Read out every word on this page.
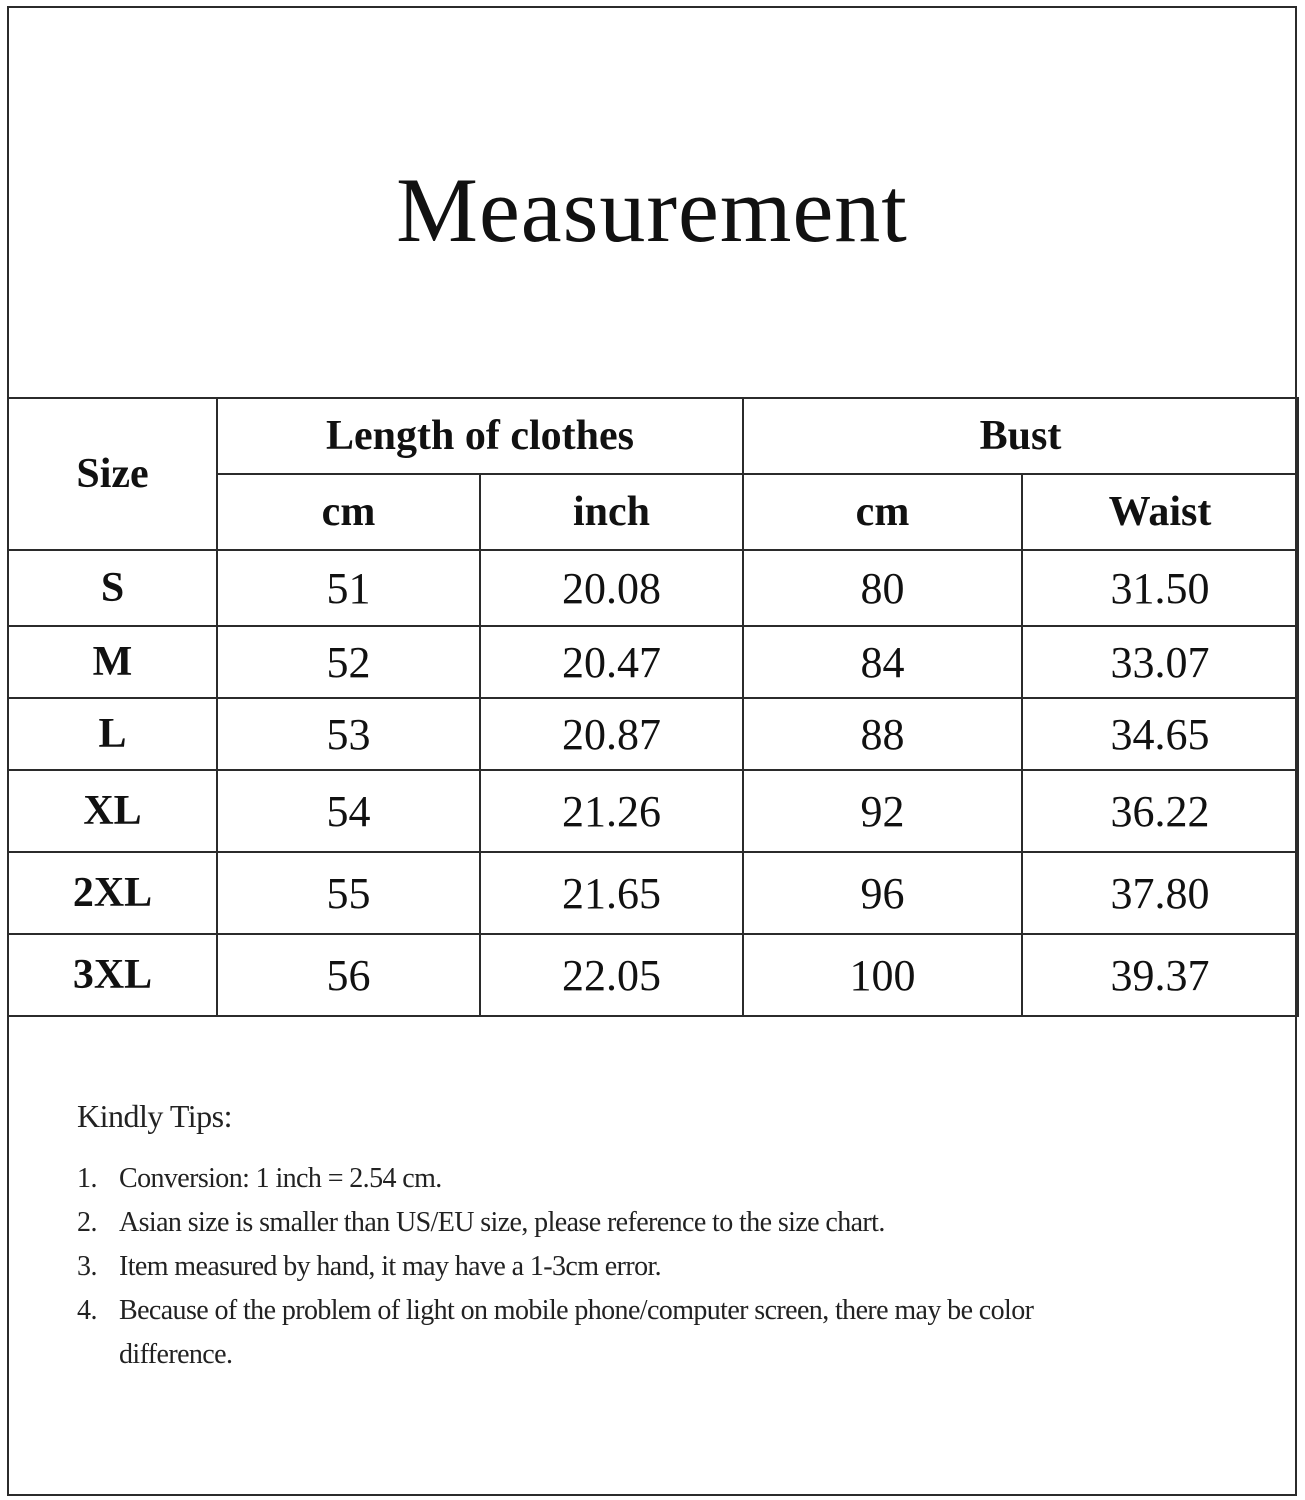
Measurement
Size	Length of clothes		Bust	
	cm	inch	cm	Waist
S	51	20.08	80	31.50
M	52	20.47	84	33.07
L	53	20.87	88	34.65
XL	54	21.26	92	36.22
2XL	55	21.65	96	37.80
3XL	56	22.05	100	39.37
Kindly Tips:
1. Conversion: 1 inch = 2.54 cm.
2. Asian size is smaller than US/EU size, please reference to the size chart.
3. Item measured by hand, it may have a 1-3cm error.
4. Because of the problem of light on mobile phone/computer screen, there may be color difference.
